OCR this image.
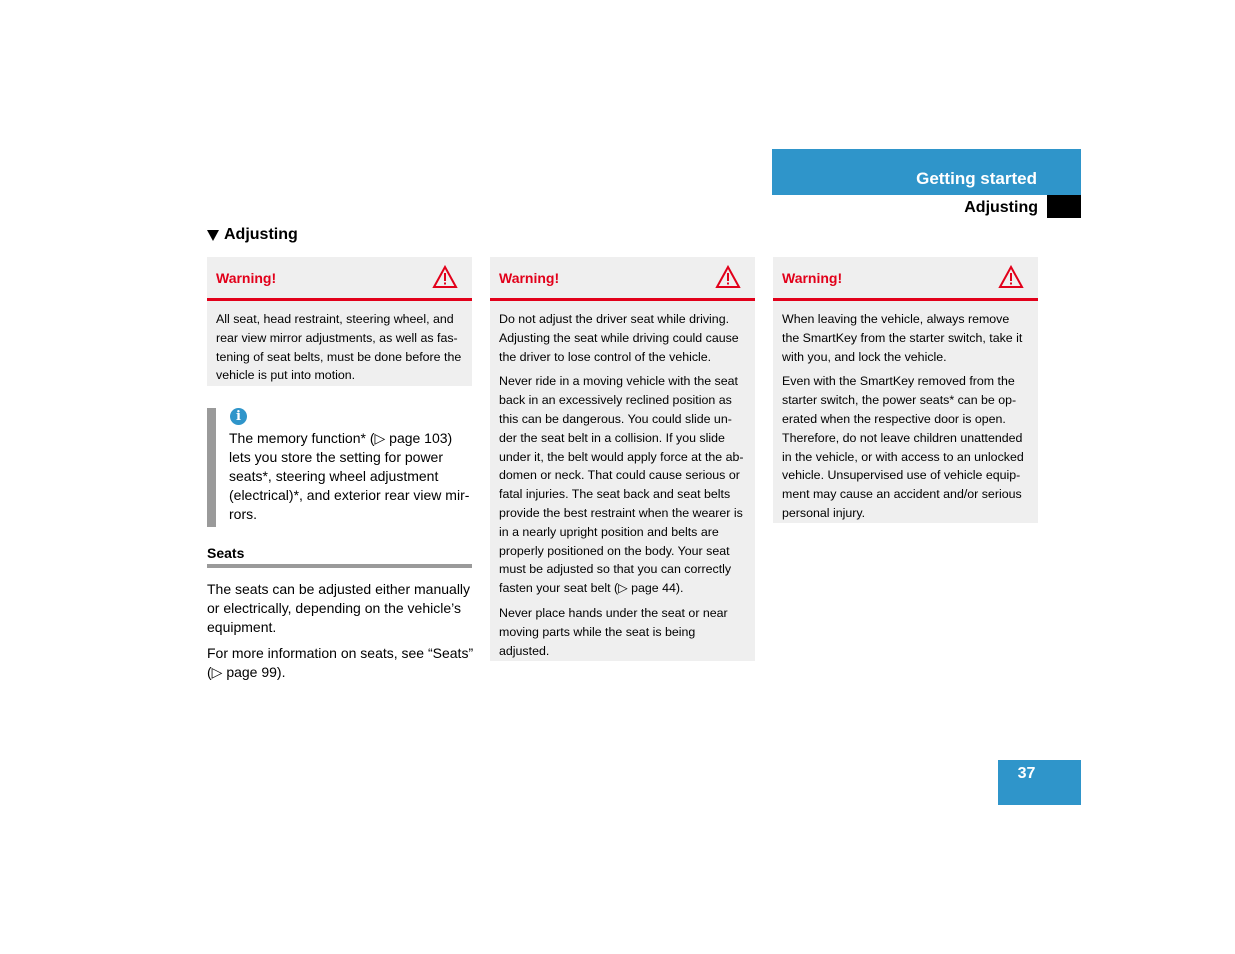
Getting started
Adjusting
Adjusting
Warning!

All seat, head restraint, steering wheel, and rear view mirror adjustments, as well as fas-tening of seat belts, must be done before the vehicle is put into motion.

Warning!

Do not adjust the driver seat while driving. Adjusting the seat while driving could cause the driver to lose control of the vehicle.

Never ride in a moving vehicle with the seat back in an excessively reclined position as this can be dangerous. You could slide un-der the seat belt in a collision. If you slide under it, the belt would apply force at the ab-domen or neck. That could cause serious or fatal injuries. The seat back and seat belts provide the best restraint when the wearer is in a nearly upright position and belts are properly positioned on the body. Your seat must be adjusted so that you can correctly fasten your seat belt (▷ page 44).

Never place hands under the seat or near moving parts while the seat is being adjusted.

Warning!

When leaving the vehicle, always remove the SmartKey from the starter switch, take it with you, and lock the vehicle.

Even with the SmartKey removed from the starter switch, the power seats* can be op-erated when the respective door is open. Therefore, do not leave children unattended in the vehicle, or with access to an unlocked vehicle. Unsupervised use of vehicle equip-ment may cause an accident and/or serious personal injury.

i
The memory function* (▷ page 103) lets you store the setting for power seats*, steering wheel adjustment (electrical)*, and exterior rear view mir-rors.
Seats

The seats can be adjusted either manually or electrically, depending on the vehicle’s equipment.

For more information on seats, see “Seats” (▷ page 99).

37
